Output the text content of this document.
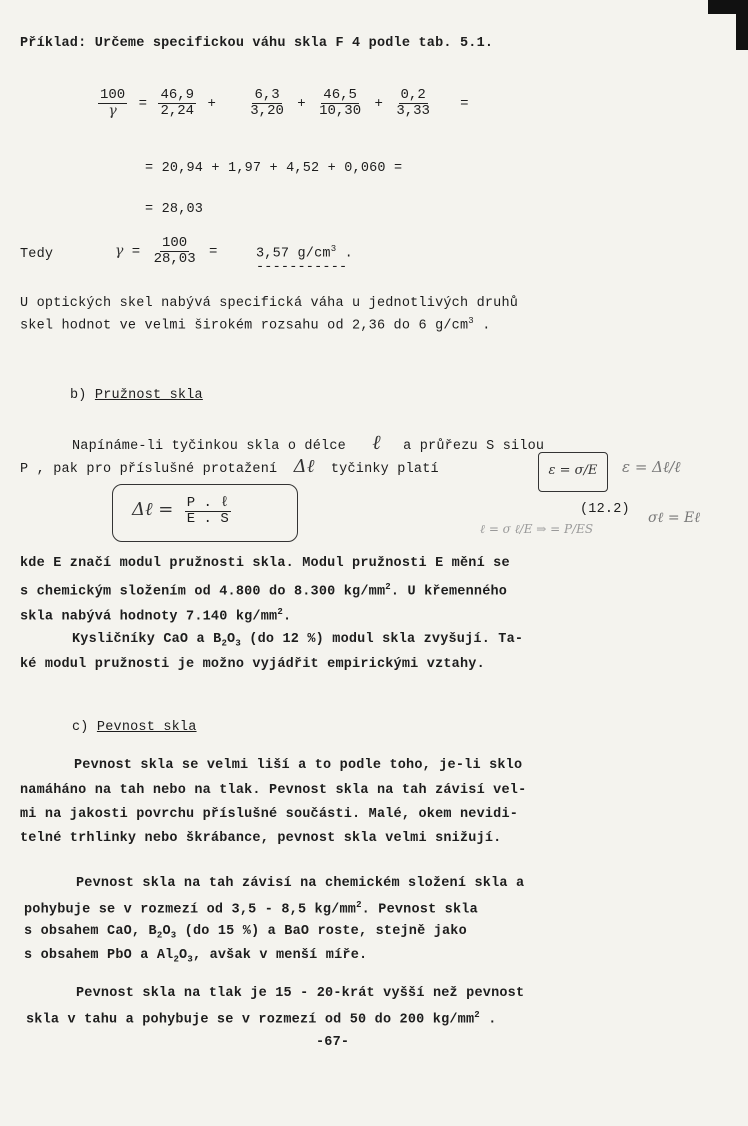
Příklad: Určeme specifickou váhu skla F 4 podle tab. 5.1.
$\frac{100}{\gamma} = \frac{46,9}{2,24} + \frac{6,3}{3,20} + \frac{46,5}{10,30} + \frac{0,2}{3,33}$ =
= 20,94 + 1,97 + 4,52 + 0,060 =
= 28,03
Tedy	$\gamma = \frac{100}{28,03}$ =	3,57 $g/cm^3$ .
-----------
U optických skel nabývá specifická váha u jednotlivých druhů
skel hodnot ve velmi širokém rozsahu od 2,36 do 6 $g/cm^3$ .
b) Pružnost skla
Napínáme-li tyčinkou skla o délce ℓ a průřezu S silou
P , pak pro příslušné protažení Δℓ tyčinky platí	ε = σ/E	ε = Δℓ/ℓ
Δℓ = $\frac{\text{P . ℓ}}{E . S}$	(12.2)
σℓ = Eℓ
ℓ = σ ℓ/E ⇒ = P/ES
kde E značí modul pružnosti skla. Modul pružnosti E mění se
s chemickým složením od 4.800 do 8.300 $kg/mm^2$. U křemenného
skla nabývá hodnoty 7.140 $kg/mm^2$.
Kysličníky CaO a $B_2O_3$ (do 12 %) modul skla zvyšují. Ta-
ké modul pružnosti je možno vyjádřit empirickými vztahy.
c) Pevnost skla
Pevnost skla se velmi liší a to podle toho, je-li sklo
namáháno na tah nebo na tlak. Pevnost skla na tah závisí vel-
mi na jakosti povrchu příslušné součásti. Malé, okem nevidi-
telné trhlinky nebo škrábance, pevnost skla velmi snižují.
Pevnost skla na tah závisí na chemickém složení skla a
pohybuje se v rozmezí od 3,5 - 8,5 $kg/mm^2$. Pevnost skla
s obsahem CaO, $B_2O_3$ (do 15 %) a BaO roste, stejně jako
s obsahem PbO a $Al_2O_3$, avšak v menší míře.
Pevnost skla na tlak je 15 - 20-krát vyšší než pevnost
skla v tahu a pohybuje se v rozmezí od 50 do 200 $kg/mm^2$ .
-67-
